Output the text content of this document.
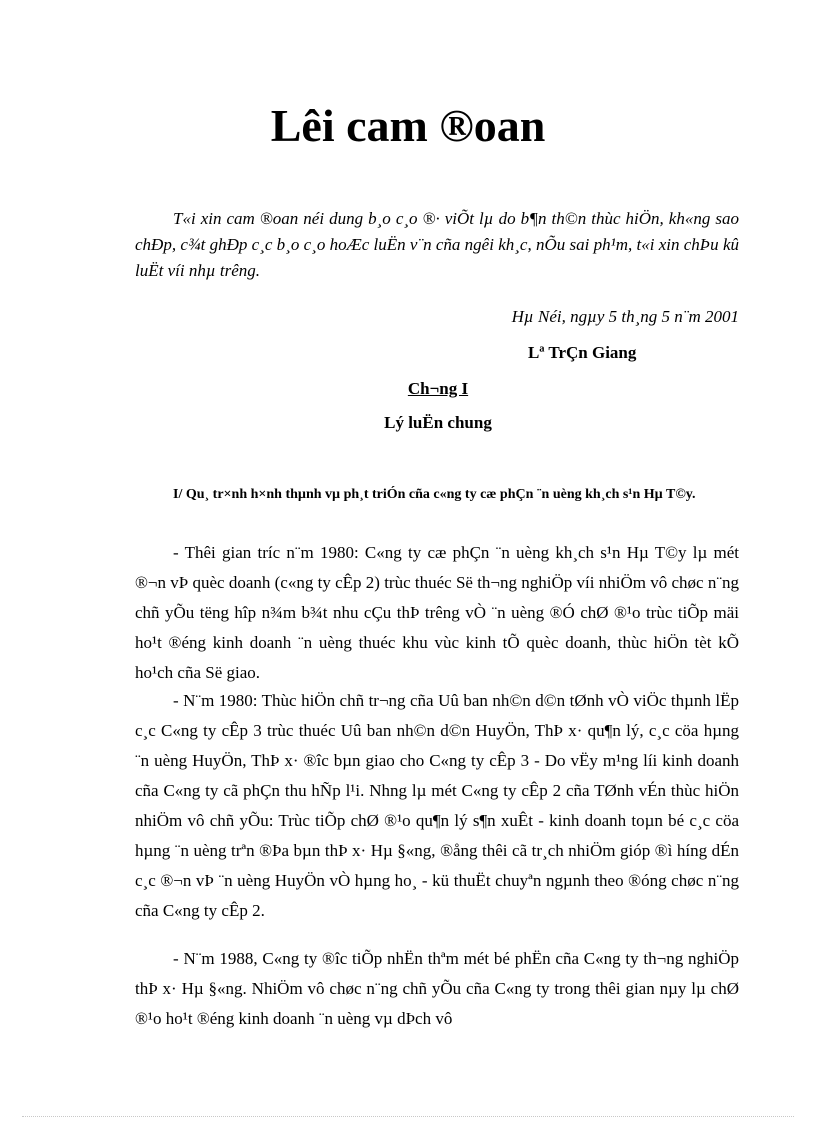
Lêi cam ®oan

T«i xin cam ®oan néi dung b¸o c¸o ®· viÕt lµ do b¶n th©n thùc hiÖn, kh«ng sao chÐp, c¾t ghÐp c¸c b¸o c¸o hoÆc luËn v¨n cña ngêi kh¸c, nÕu sai ph¹m, t«i xin chÞu kû luËt víi nhµ trêng.

Hµ Néi, ngµy 5 th¸ng 5 n¨m 2001
Lª TrÇn Giang
Ch¬ng I
Lý luËn chung

I/ Qu¸ tr×nh h×nh thµnh vµ ph¸t triÓn cña c«ng ty cæ phÇn ¨n uèng kh¸ch s¹n Hµ T©y.

- Thêi gian tríc n¨m 1980: C«ng ty cæ phÇn ¨n uèng kh¸ch s¹n Hµ T©y lµ mét ®¬n vÞ quèc doanh (c«ng ty cÊp 2) trùc thuéc Së th¬ng nghiÖp víi nhiÖm vô chøc n¨ng chñ yÕu tëng hîp n¾m b¾t nhu cÇu thÞ trêng vÒ ¨n uèng ®Ó chØ ®¹o trùc tiÕp mäi ho¹t ®éng kinh doanh ¨n uèng thuéc khu vùc kinh tÕ quèc doanh, thùc hiÖn tèt kÕ ho¹ch cña Së giao.

- N¨m 1980: Thùc hiÖn chñ tr¬ng cña Uû ban nh©n d©n tØnh vÒ viÖc thµnh lËp c¸c C«ng ty cÊp 3 trùc thuéc Uû ban nh©n d©n HuyÖn, ThÞ x· qu¶n lý, c¸c cöa hµng ¨n uèng HuyÖn, ThÞ x· ®îc bµn giao cho C«ng ty cÊp 3 - Do vËy m¹ng líi kinh doanh cña C«ng ty cã phÇn thu hÑp l¹i. Nhng lµ mét C«ng ty cÊp 2 cña TØnh vÉn thùc hiÖn nhiÖm vô chñ yÕu: Trùc tiÕp chØ ®¹o qu¶n lý s¶n xuÊt - kinh doanh toµn bé c¸c cöa hµng ¨n uèng trªn ®Þa bµn thÞ x· Hµ §«ng, ®ång thêi cã tr¸ch nhiÖm gióp ®ì híng dÉn c¸c ®¬n vÞ ¨n uèng HuyÖn vÒ hµng ho¸ - kü thuËt chuyªn ngµnh theo ®óng chøc n¨ng cña C«ng ty cÊp 2.

- N¨m 1988, C«ng ty ®îc tiÕp nhËn thªm mét bé phËn cña C«ng ty th¬ng nghiÖp thÞ x· Hµ §«ng. NhiÖm vô chøc n¨ng chñ yÕu cña C«ng ty trong thêi gian nµy lµ chØ ®¹o ho¹t ®éng kinh doanh ¨n uèng vµ dÞch vô
